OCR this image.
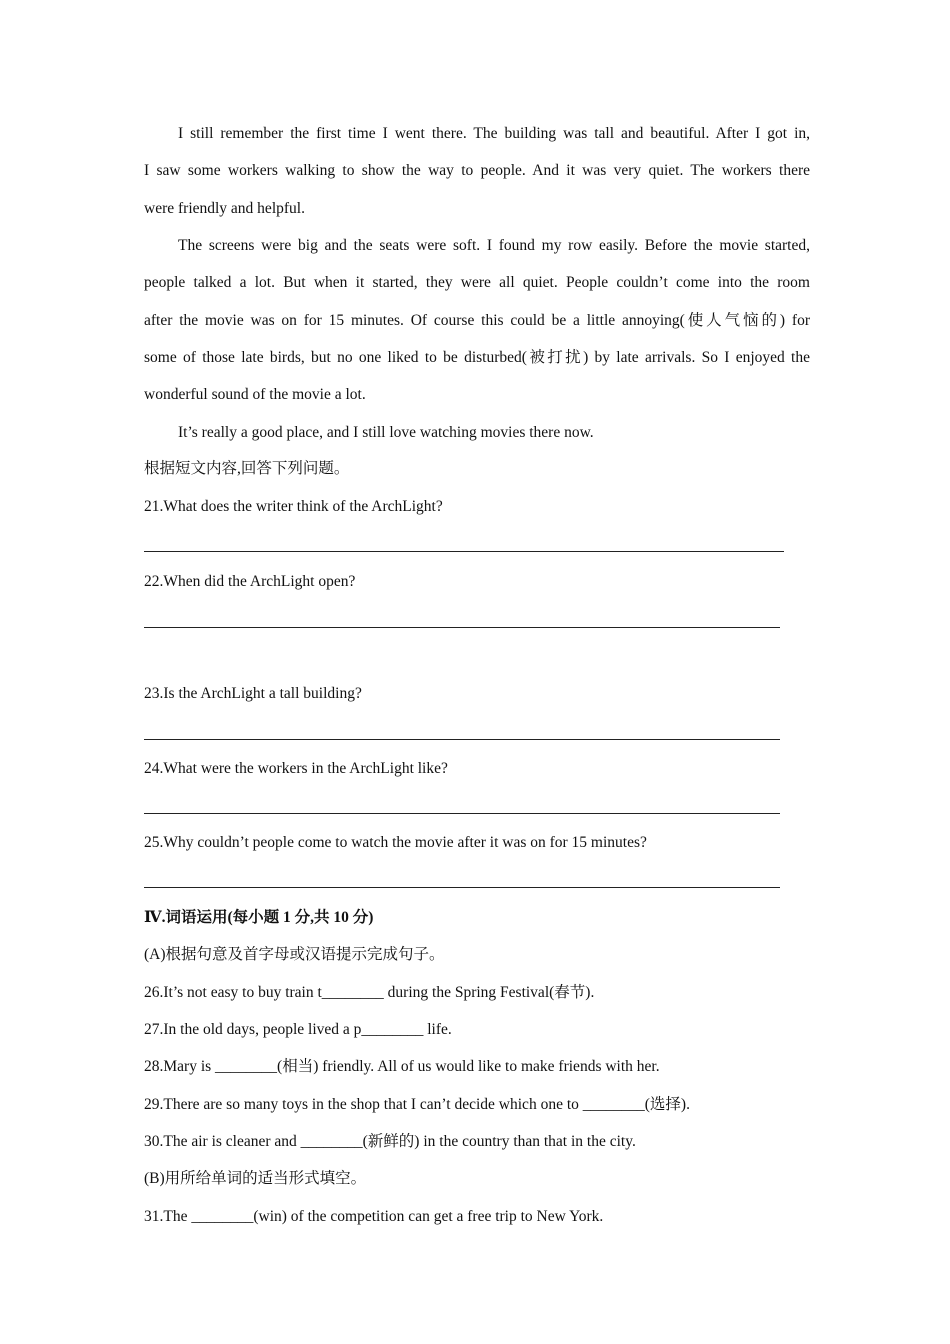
I still remember the first time I went there. The building was tall and beautiful. After I got in,
I saw some workers walking to show the way to people. And it was very quiet. The workers there
were friendly and helpful.
The screens were big and the seats were soft. I found my row easily. Before the movie started,
people talked a lot. But when it started, they were all quiet. People couldn’t come into the room
after the movie was on for 15 minutes. Of course this could be a little annoying(使人气恼的) for
some of those late birds, but no one liked to be disturbed(被打扰) by late arrivals. So I enjoyed the
wonderful sound of the movie a lot.
It’s really a good place, and I still love watching movies there now.
根据短文内容,回答下列问题。
21.What does the writer think of the ArchLight?
22.When did the ArchLight open?
23.Is the ArchLight a tall building?
24.What were the workers in the ArchLight like?
25.Why couldn’t people come to watch the movie after it was on for 15 minutes?
Ⅳ.词语运用(每小题 1 分,共 10 分)
(A)根据句意及首字母或汉语提示完成句子。
26.It’s not easy to buy train t________ during the Spring Festival(春节).
27.In the old days, people lived a p________ life.
28.Mary is ________(相当) friendly. All of us would like to make friends with her.
29.There are so many toys in the shop that I can’t decide which one to ________(选择).
30.The air is cleaner and ________(新鲜的) in the country than that in the city.
(B)用所给单词的适当形式填空。
31.The ________(win) of the competition can get a free trip to New York.
